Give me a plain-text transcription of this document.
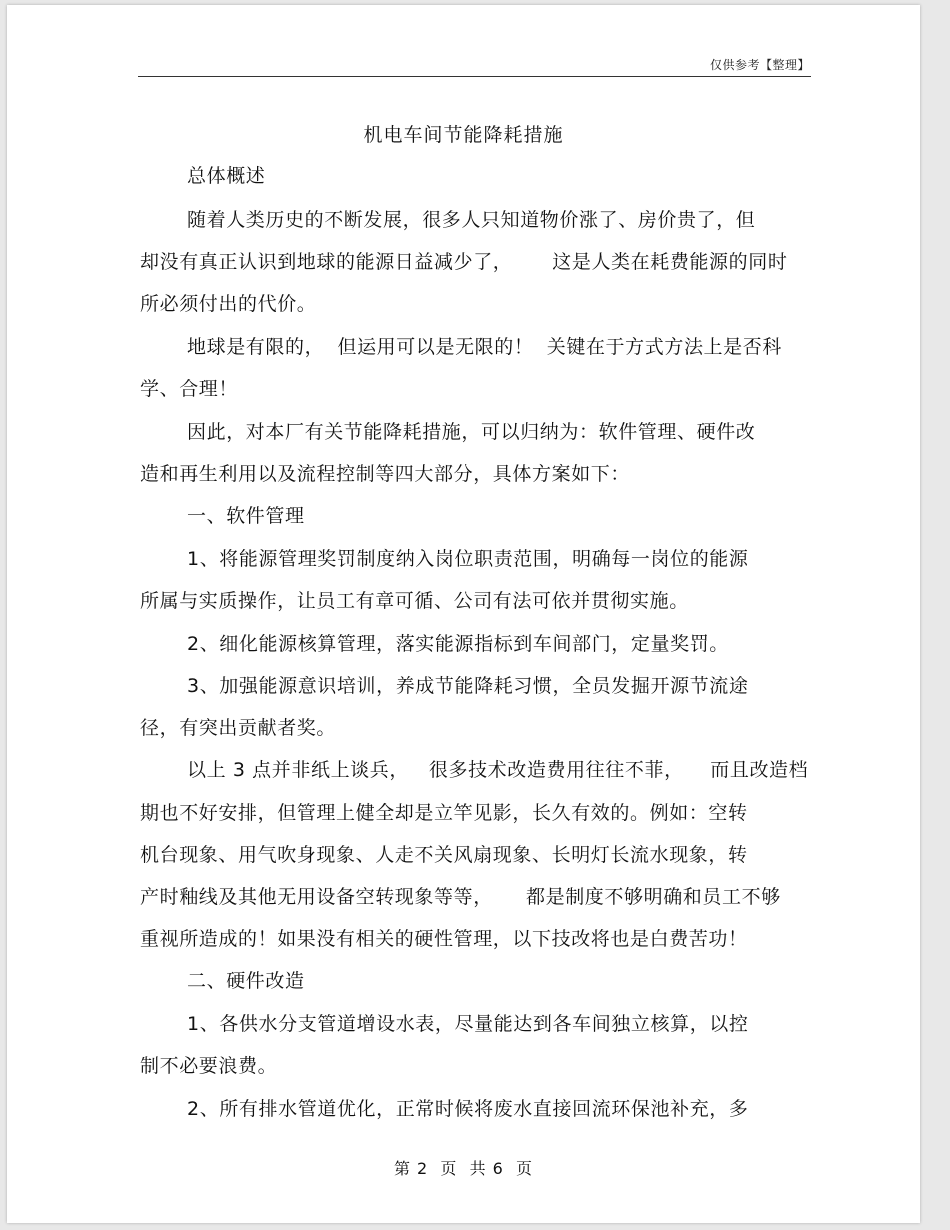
仅供参考【整理】
机电车间节能降耗措施
总体概述
随着人类历史的不断发展，很多人只知道物价涨了、房价贵了，但
却没有真正认识到地球的能源日益减少了，      这是人类在耗费能源的同时
所必须付出的代价。
地球是有限的，  但运用可以是无限的！  关键在于方式方法上是否科
学、合理！
因此，对本厂有关节能降耗措施，可以归纳为：软件管理、硬件改
造和再生利用以及流程控制等四大部分，具体方案如下：
一、软件管理
1、将能源管理奖罚制度纳入岗位职责范围，明确每一岗位的能源
所属与实质操作，让员工有章可循、公司有法可依并贯彻实施。
2、细化能源核算管理，落实能源指标到车间部门，定量奖罚。
3、加强能源意识培训，养成节能降耗习惯，全员发掘开源节流途
径，有突出贡献者奖。
以上 3 点并非纸上谈兵，   很多技术改造费用往往不菲，    而且改造档
期也不好安排，但管理上健全却是立竿见影，长久有效的。例如：空转
机台现象、用气吹身现象、人走不关风扇现象、长明灯长流水现象，转
产时釉线及其他无用设备空转现象等等，     都是制度不够明确和员工不够
重视所造成的！如果没有相关的硬性管理，以下技改将也是白费苦功！
二、硬件改造
1、各供水分支管道增设水表，尽量能达到各车间独立核算，以控
制不必要浪费。
2、所有排水管道优化，正常时候将废水直接回流环保池补充，多
第 2  页  共 6  页
